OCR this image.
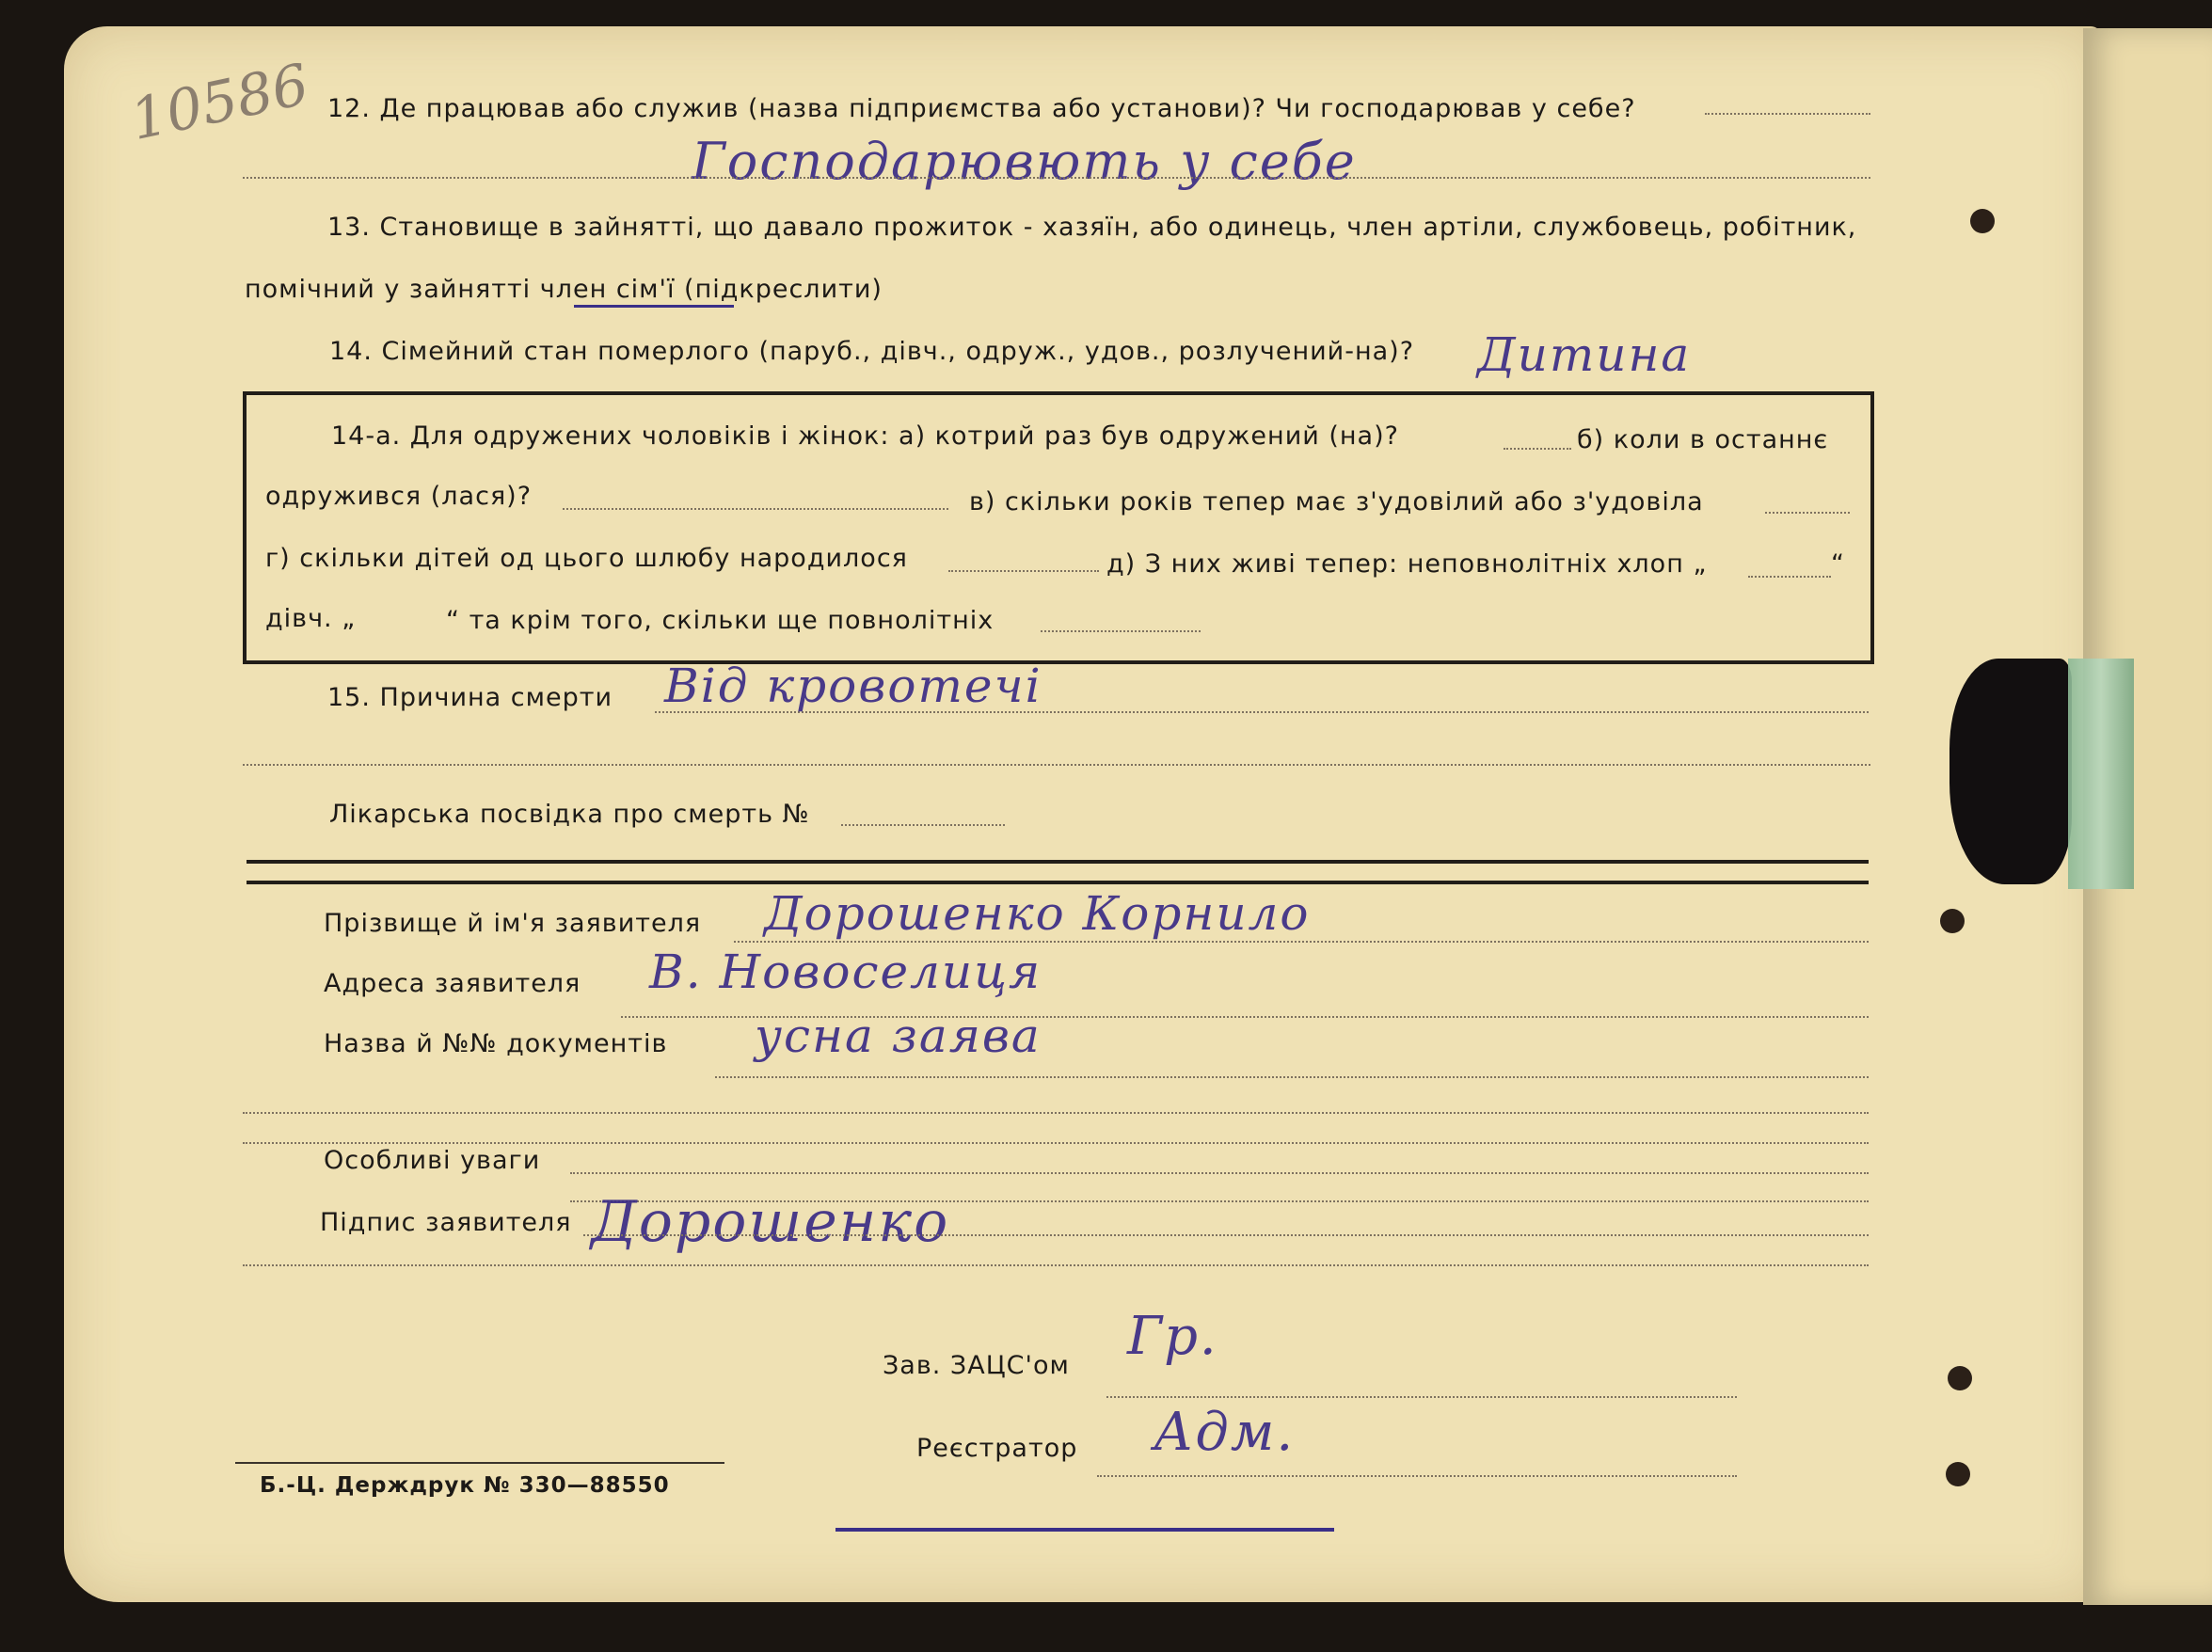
10586 12. Де працював або служив (назва підприємства або установи)? Чи господарював у себе?
Господарювють у себе
13. Становище в зайнятті, що давало прожиток - хазяїн, або одинець, член артіли, службовець, робітник,
помічний у зайнятті член сім'ї (підкреслити)
14. Сімейний стан померлого (паруб., дівч., одруж., удов., розлучений-на)? Дитина
14-а. Для одружених чоловіків і жінок: а) котрий раз був одружений (на)?	б) коли в останнє
одружився (лася)?	в) скільки років тепер має з'удовілий або з'удовіла
г) скільки дітей од цього шлюбу народилося	д) З них живі тепер: неповнолітніх хлоп „	“
дівч. „	“ та крім того, скільки ще повнолітніх
15. Причина смерти Від кровотечі
Лікарська посвідка про смерть №
Прізвище й ім'я заявителя Дорошенко Корнило
Адреса заявителя В. Новоселиця
Назва й №№ документів усна заява
Особливі уваги
Підпис заявителя Дорошенко
Зав. ЗАЦС'ом Гр.
Реєстратор Адм.
Б.-Ц. Держдрук № 330—88550
